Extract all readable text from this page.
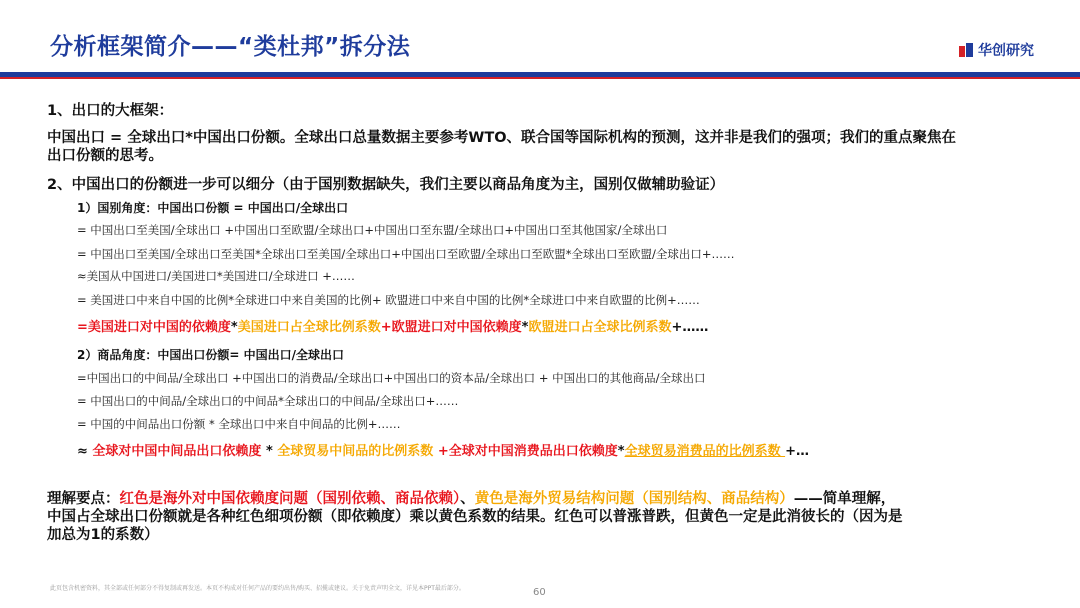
分析框架简介——“类杜邦”拆分法	华创研究
1、出口的大框架：
中国出口 = 全球出口*中国出口份额。全球出口总量数据主要参考WTO、联合国等国际机构的预测，这并非是我们的强项；我们的重点聚焦在
出口份额的思考。
2、中国出口的份额进一步可以细分（由于国别数据缺失，我们主要以商品角度为主，国别仅做辅助验证）
1）国别角度：中国出口份额 = 中国出口/全球出口
= 中国出口至美国/全球出口 +中国出口至欧盟/全球出口+中国出口至东盟/全球出口+中国出口至其他国家/全球出口
= 中国出口至美国/全球出口至美国*全球出口至美国/全球出口+中国出口至欧盟/全球出口至欧盟*全球出口至欧盟/全球出口+……
≈美国从中国进口/美国进口*美国进口/全球进口 +……
= 美国进口中来自中国的比例*全球进口中来自美国的比例+ 欧盟进口中来自中国的比例*全球进口中来自欧盟的比例+……
=美国进口对中国的依赖度*美国进口占全球比例系数+欧盟进口对中国依赖度*欧盟进口占全球比例系数+……
2）商品角度：中国出口份额= 中国出口/全球出口
=中国出口的中间品/全球出口 +中国出口的消费品/全球出口+中国出口的资本品/全球出口 + 中国出口的其他商品/全球出口
= 中国出口的中间品/全球出口的中间品*全球出口的中间品/全球出口+……
= 中国的中间品出口份额 * 全球出口中来自中间品的比例+……
≈ 全球对中国中间品出口依赖度 * 全球贸易中间品的比例系数 +全球对中国消费品出口依赖度*全球贸易消费品的比例系数 +…
理解要点：红色是海外对中国依赖度问题（国别依赖、商品依赖）、黄色是海外贸易结构问题（国别结构、商品结构）——简单理解，
中国占全球出口份额就是各种红色细项份额（即依赖度）乘以黄色系数的结果。红色可以普涨普跌，但黄色一定是此消彼长的（因为是
加总为1的系数）
此页包含机密资料，其全部或任何部分不得复制或再发送。本页不构成对任何产品的要约出售/购买、招揽或建议。关于免责声明全文，详见本PPT最后部分。	60
